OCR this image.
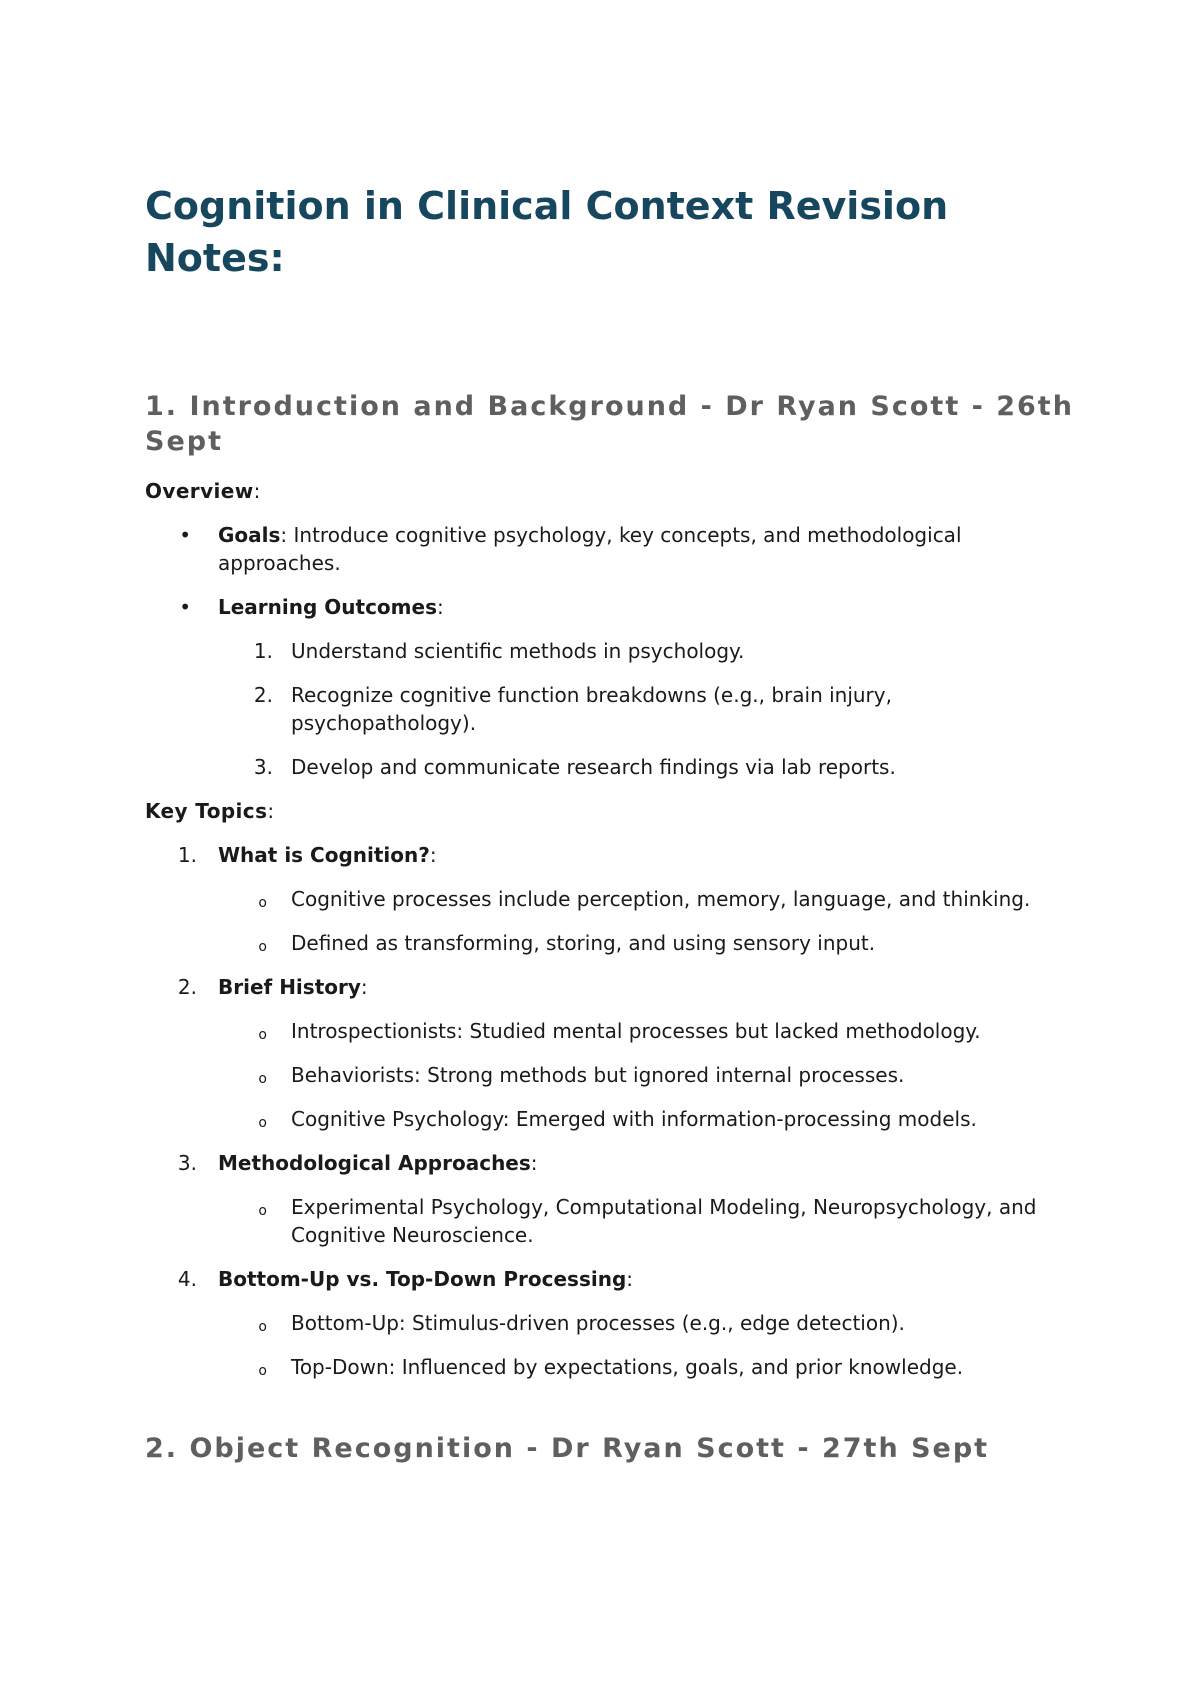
Cognition in Clinical Context Revision Notes:
1. Introduction and Background - Dr Ryan Scott - 26th Sept

Overview:

• Goals: Introduce cognitive psychology, key concepts, and methodological approaches.
• Learning Outcomes:
1. Understand scientific methods in psychology.
2. Recognize cognitive function breakdowns (e.g., brain injury, psychopathology).
3. Develop and communicate research findings via lab reports.

Key Topics:

1. What is Cognition?:
o Cognitive processes include perception, memory, language, and thinking.
o Defined as transforming, storing, and using sensory input.
2. Brief History:
o Introspectionists: Studied mental processes but lacked methodology.
o Behaviorists: Strong methods but ignored internal processes.
o Cognitive Psychology: Emerged with information-processing models.
3. Methodological Approaches:
o Experimental Psychology, Computational Modeling, Neuropsychology, and Cognitive Neuroscience.
4. Bottom-Up vs. Top-Down Processing:
o Bottom-Up: Stimulus-driven processes (e.g., edge detection).
o Top-Down: Influenced by expectations, goals, and prior knowledge.
2. Object Recognition - Dr Ryan Scott - 27th Sept
